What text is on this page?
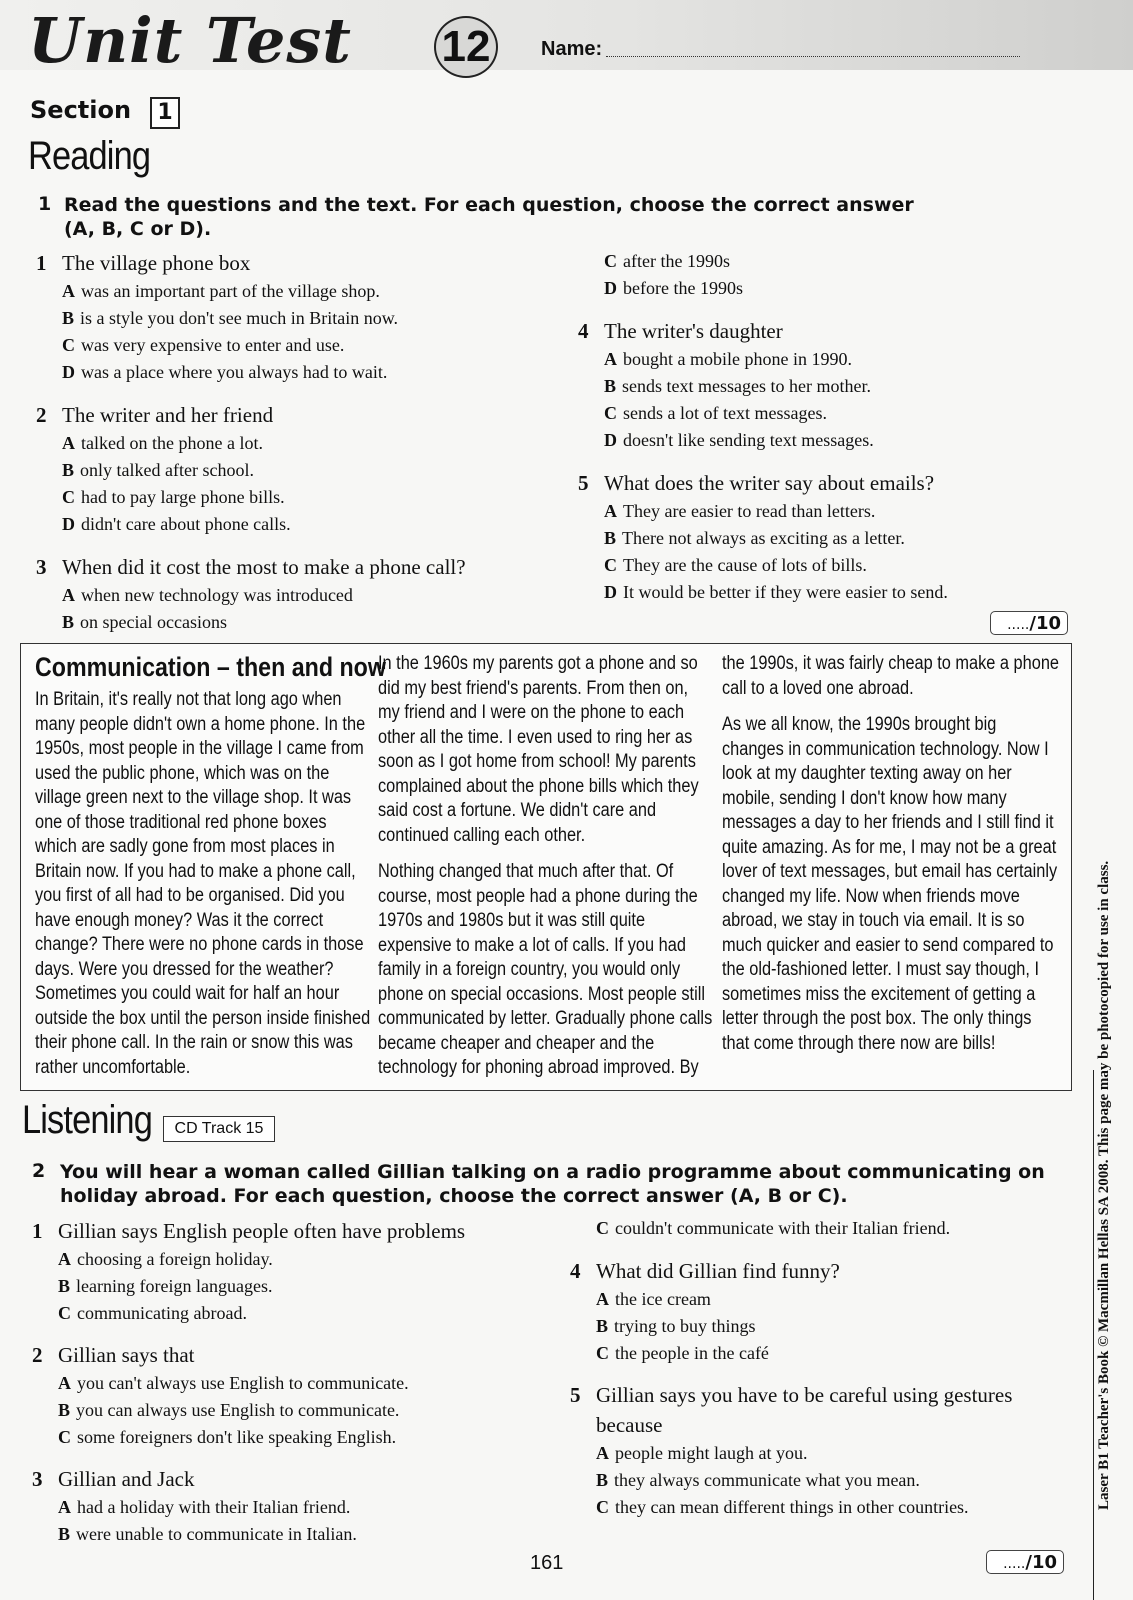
Unit Test 12	Name:
Section	1
Reading
1 Read the questions and the text. For each question, choose the correct answer (A, B, C or D).
1 The village phone box
A was an important part of the village shop.
B is a style you don't see much in Britain now.
C was very expensive to enter and use.
D was a place where you always had to wait.
2 The writer and her friend
A talked on the phone a lot.
B only talked after school.
C had to pay large phone bills.
D didn't care about phone calls.
3 When did it cost the most to make a phone call?
A when new technology was introduced
B on special occasions
C after the 1990s
D before the 1990s
4 The writer's daughter
A bought a mobile phone in 1990.
B sends text messages to her mother.
C sends a lot of text messages.
D doesn't like sending text messages.
5 What does the writer say about emails?
A They are easier to read than letters.
B There not always as exciting as a letter.
C They are the cause of lots of bills.
D It would be better if they were easier to send.
...../10
Communication – then and now

In Britain, it's really not that long ago when many people didn't own a home phone. In the 1950s, most people in the village I came from used the public phone, which was on the village green next to the village shop. It was one of those traditional red phone boxes which are sadly gone from most places in Britain now. If you had to make a phone call, you first of all had to be organised. Did you have enough money? Was it the correct change? There were no phone cards in those days. Were you dressed for the weather? Sometimes you could wait for half an hour outside the box until the person inside finished their phone call. In the rain or snow this was rather uncomfortable.

In the 1960s my parents got a phone and so did my best friend's parents. From then on, my friend and I were on the phone to each other all the time. I even used to ring her as soon as I got home from school! My parents complained about the phone bills which they said cost a fortune. We didn't care and continued calling each other.

Nothing changed that much after that. Of course, most people had a phone during the 1970s and 1980s but it was still quite expensive to make a lot of calls. If you had family in a foreign country, you would only phone on special occasions. Most people still communicated by letter. Gradually phone calls became cheaper and cheaper and the technology for phoning abroad improved. By

the 1990s, it was fairly cheap to make a phone call to a loved one abroad.

As we all know, the 1990s brought big changes in communication technology. Now I look at my daughter texting away on her mobile, sending I don't know how many messages a day to her friends and I still find it quite amazing. As for me, I may not be a great lover of text messages, but email has certainly changed my life. Now when friends move abroad, we stay in touch via email. It is so much quicker and easier to send compared to the old-fashioned letter. I must say though, I sometimes miss the excitement of getting a letter through the post box. The only things that come through there now are bills!

Listening	CD Track 15
2 You will hear a woman called Gillian talking on a radio programme about communicating on holiday abroad. For each question, choose the correct answer (A, B or C).
1 Gillian says English people often have problems
A choosing a foreign holiday.
B learning foreign languages.
C communicating abroad.
2 Gillian says that
A you can't always use English to communicate.
B you can always use English to communicate.
C some foreigners don't like speaking English.
3 Gillian and Jack
A had a holiday with their Italian friend.
B were unable to communicate in Italian.
C couldn't communicate with their Italian friend.
4 What did Gillian find funny?
A the ice cream
B trying to buy things
C the people in the café
5 Gillian says you have to be careful using gestures because
A people might laugh at you.
B they always communicate what you mean.
C they can mean different things in other countries.
...../10
161
Laser B1 Teacher's Book © Macmillan Hellas SA 2008. This page may be photocopied for use in class.
